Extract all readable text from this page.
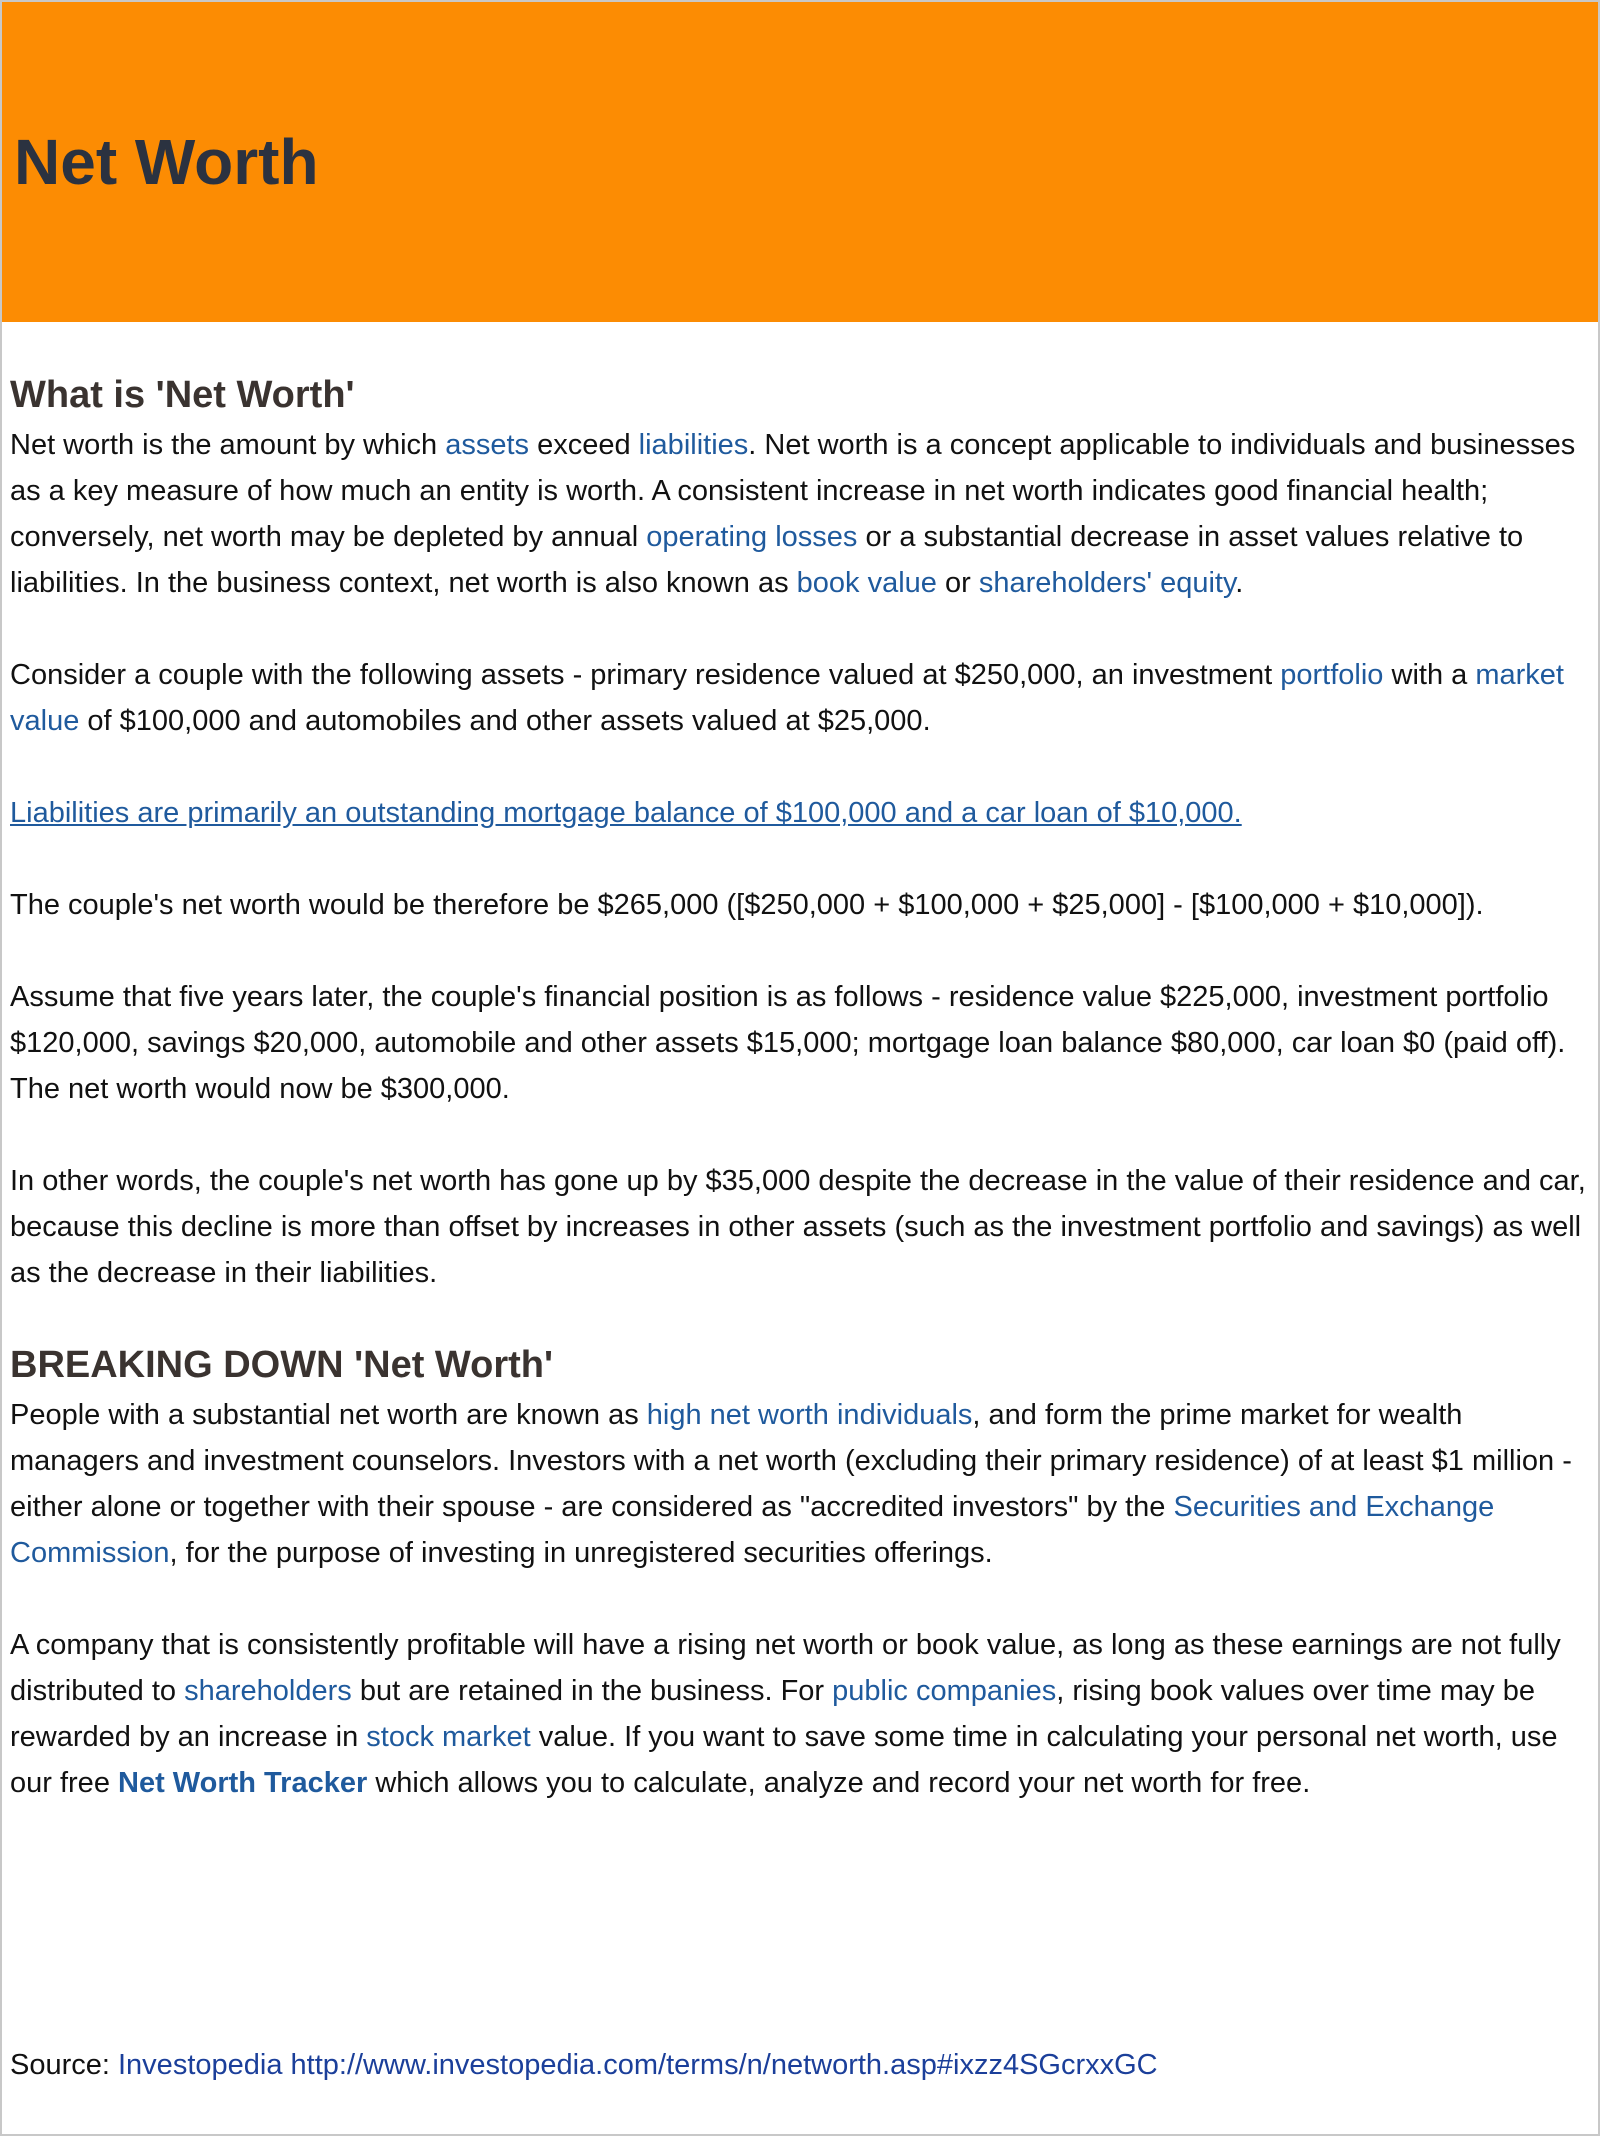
Net Worth
What is 'Net Worth'

Net worth is the amount by which assets exceed liabilities. Net worth is a concept applicable to individuals and businesses as a key measure of how much an entity is worth. A consistent increase in net worth indicates good financial health; conversely, net worth may be depleted by annual operating losses or a substantial decrease in asset values relative to liabilities. In the business context, net worth is also known as book value or shareholders' equity.

Consider a couple with the following assets - primary residence valued at $250,000, an investment portfolio with a market value of $100,000 and automobiles and other assets valued at $25,000.

Liabilities are primarily an outstanding mortgage balance of $100,000 and a car loan of $10,000.

The couple's net worth would be therefore be $265,000 ([$250,000 + $100,000 + $25,000] - [$100,000 + $10,000]).

Assume that five years later, the couple's financial position is as follows - residence value $225,000, investment portfolio $120,000, savings $20,000, automobile and other assets $15,000; mortgage loan balance $80,000, car loan $0 (paid off). The net worth would now be $300,000.

In other words, the couple's net worth has gone up by $35,000 despite the decrease in the value of their residence and car, because this decline is more than offset by increases in other assets (such as the investment portfolio and savings) as well as the decrease in their liabilities.

BREAKING DOWN 'Net Worth'

People with a substantial net worth are known as high net worth individuals, and form the prime market for wealth managers and investment counselors. Investors with a net worth (excluding their primary residence) of at least $1 million - either alone or together with their spouse - are considered as "accredited investors" by the Securities and Exchange Commission, for the purpose of investing in unregistered securities offerings.

A company that is consistently profitable will have a rising net worth or book value, as long as these earnings are not fully distributed to shareholders but are retained in the business. For public companies, rising book values over time may be rewarded by an increase in stock market value. If you want to save some time in calculating your personal net worth, use our free Net Worth Tracker which allows you to calculate, analyze and record your net worth for free.

Source: Investopedia http://www.investopedia.com/terms/n/networth.asp#ixzz4SGcrxxGC
